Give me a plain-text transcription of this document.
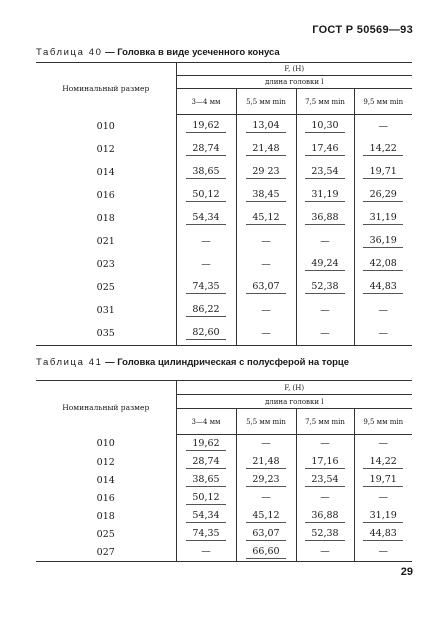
ГОСТ Р 50569—93
Таблица 40 — Головка в виде усеченного конуса
Номинальный размер	F, (H)			
	длина головки l			
	3—4 мм	5,5 мм min	7,5 мм min	9,5 мм min
010	19,62	13,04	10,30	—
012	28,74	21,48	17,46	14,22
014	38,65	29 23	23,54	19,71
016	50,12	38,45	31,19	26,29
018	54,34	45,12	36,88	31,19
021	—	—	—	36,19
023	—	—	49,24	42,08
025	74,35	63,07	52,38	44,83
031	86,22	—	—	—
035	82,60	—	—	—
Таблица 41 — Головка цилиндрическая с полусферой на торце
Номинальный размер	F, (H)			
	длина головки l			
	3—4 мм	5,5 мм min	7,5 мм min	9,5 мм min
010	19,62	—	—	—
012	28,74	21,48	17,16	14,22
014	38,65	29,23	23,54	19,71
016	50,12	—	—	—
018	54,34	45,12	36,88	31,19
025	74,35	63,07	52,38	44,83
027	—	66,60	—	—
29
